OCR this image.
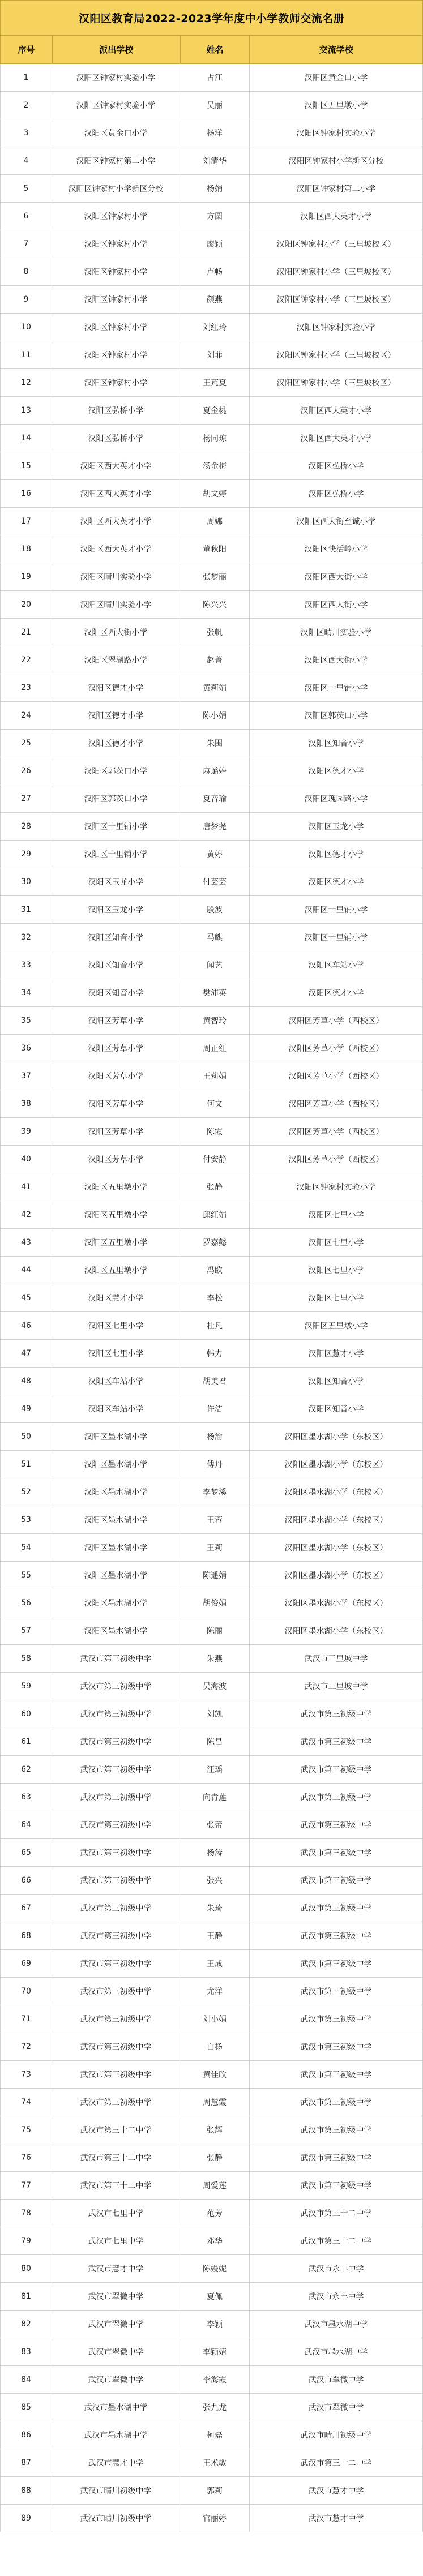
汉阳区教育局2022-2023学年度中小学教师交流名册
序号	派出学校	姓名	交流学校
1	汉阳区钟家村实验小学	占江	汉阳区黄金口小学
2	汉阳区钟家村实验小学	吴丽	汉阳区五里墩小学
3	汉阳区黄金口小学	杨洋	汉阳区钟家村实验小学
4	汉阳区钟家村第二小学	刘清华	汉阳区钟家村小学新区分校
5	汉阳区钟家村小学新区分校	杨娟	汉阳区钟家村第二小学
6	汉阳区钟家村小学	方圆	汉阳区西大英才小学
7	汉阳区钟家村小学	廖颖	汉阳区钟家村小学（三里坡校区）
8	汉阳区钟家村小学	卢畅	汉阳区钟家村小学（三里坡校区）
9	汉阳区钟家村小学	颜燕	汉阳区钟家村小学（三里坡校区）
10	汉阳区钟家村小学	刘红玲	汉阳区钟家村实验小学
11	汉阳区钟家村小学	刘菲	汉阳区钟家村小学（三里坡校区）
12	汉阳区钟家村小学	王芃夏	汉阳区钟家村小学（三里坡校区）
13	汉阳区弘桥小学	夏金桃	汉阳区西大英才小学
14	汉阳区弘桥小学	杨同琼	汉阳区西大英才小学
15	汉阳区西大英才小学	汤金梅	汉阳区弘桥小学
16	汉阳区西大英才小学	胡文婷	汉阳区弘桥小学
17	汉阳区西大英才小学	周娜	汉阳区西大街至诚小学
18	汉阳区西大英才小学	董秋阳	汉阳区快活岭小学
19	汉阳区晴川实验小学	张梦丽	汉阳区西大街小学
20	汉阳区晴川实验小学	陈兴兴	汉阳区西大街小学
21	汉阳区西大街小学	张帆	汉阳区晴川实验小学
22	汉阳区翠湖路小学	赵菁	汉阳区西大街小学
23	汉阳区德才小学	黄莉娟	汉阳区十里铺小学
24	汉阳区德才小学	陈小娟	汉阳区郭茨口小学
25	汉阳区德才小学	朱围	汉阳区知音小学
26	汉阳区郭茨口小学	麻璐婷	汉阳区德才小学
27	汉阳区郭茨口小学	夏音瑜	汉阳区瑰园路小学
28	汉阳区十里铺小学	唐梦尧	汉阳区玉龙小学
29	汉阳区十里铺小学	黄婷	汉阳区德才小学
30	汉阳区玉龙小学	付芸芸	汉阳区德才小学
31	汉阳区玉龙小学	殷波	汉阳区十里铺小学
32	汉阳区知音小学	马麒	汉阳区十里铺小学
33	汉阳区知音小学	闻艺	汉阳区车站小学
34	汉阳区知音小学	樊沛英	汉阳区德才小学
35	汉阳区芳草小学	黄智玲	汉阳区芳草小学（西校区）
36	汉阳区芳草小学	周正红	汉阳区芳草小学（西校区）
37	汉阳区芳草小学	王莉娟	汉阳区芳草小学（西校区）
38	汉阳区芳草小学	何文	汉阳区芳草小学（西校区）
39	汉阳区芳草小学	陈霞	汉阳区芳草小学（西校区）
40	汉阳区芳草小学	付安静	汉阳区芳草小学（西校区）
41	汉阳区五里墩小学	张静	汉阳区钟家村实验小学
42	汉阳区五里墩小学	邱红娟	汉阳区七里小学
43	汉阳区五里墩小学	罗嘉懿	汉阳区七里小学
44	汉阳区五里墩小学	冯欧	汉阳区七里小学
45	汉阳区慧才小学	李松	汉阳区七里小学
46	汉阳区七里小学	杜凡	汉阳区五里墩小学
47	汉阳区七里小学	韩力	汉阳区慧才小学
48	汉阳区车站小学	胡美君	汉阳区知音小学
49	汉阳区车站小学	许洁	汉阳区知音小学
50	汉阳区墨水湖小学	杨渝	汉阳区墨水湖小学（东校区）
51	汉阳区墨水湖小学	傅丹	汉阳区墨水湖小学（东校区）
52	汉阳区墨水湖小学	李梦溪	汉阳区墨水湖小学（东校区）
53	汉阳区墨水湖小学	王蓉	汉阳区墨水湖小学（东校区）
54	汉阳区墨水湖小学	王莉	汉阳区墨水湖小学（东校区）
55	汉阳区墨水湖小学	陈遥娟	汉阳区墨水湖小学（东校区）
56	汉阳区墨水湖小学	胡俊娟	汉阳区墨水湖小学（东校区）
57	汉阳区墨水湖小学	陈丽	汉阳区墨水湖小学（东校区）
58	武汉市第三初级中学	朱燕	武汉市三里坡中学
59	武汉市第三初级中学	吴海波	武汉市三里坡中学
60	武汉市第三初级中学	刘凯	武汉市第三初级中学
61	武汉市第三初级中学	陈昌	武汉市第三初级中学
62	武汉市第三初级中学	汪瑶	武汉市第三初级中学
63	武汉市第三初级中学	向青莲	武汉市第三初级中学
64	武汉市第三初级中学	张蕾	武汉市第三初级中学
65	武汉市第三初级中学	杨涛	武汉市第三初级中学
66	武汉市第三初级中学	张兴	武汉市第三初级中学
67	武汉市第三初级中学	朱琦	武汉市第三初级中学
68	武汉市第三初级中学	王静	武汉市第三初级中学
69	武汉市第三初级中学	王成	武汉市第三初级中学
70	武汉市第三初级中学	尤洋	武汉市第三初级中学
71	武汉市第三初级中学	刘小娟	武汉市第三初级中学
72	武汉市第三初级中学	白杨	武汉市第三初级中学
73	武汉市第三初级中学	黄佳欣	武汉市第三初级中学
74	武汉市第三初级中学	周慧霞	武汉市第三初级中学
75	武汉市第三十二中学	张辉	武汉市第三初级中学
76	武汉市第三十二中学	张静	武汉市第三初级中学
77	武汉市第三十二中学	周爱莲	武汉市第三初级中学
78	武汉市七里中学	范芳	武汉市第三十二中学
79	武汉市七里中学	邓华	武汉市第三十二中学
80	武汉市慧才中学	陈嫚妮	武汉市永丰中学
81	武汉市翠微中学	夏佩	武汉市永丰中学
82	武汉市翠微中学	李颖	武汉市墨水湖中学
83	武汉市翠微中学	李颖婧	武汉市墨水湖中学
84	武汉市翠微中学	李海霞	武汉市翠微中学
85	武汉市墨水湖中学	张九龙	武汉市翠微中学
86	武汉市墨水湖中学	柯磊	武汉市晴川初级中学
87	武汉市慧才中学	王术敏	武汉市第三十二中学
88	武汉市晴川初级中学	郭莉	武汉市慧才中学
89	武汉市晴川初级中学	官丽婷	武汉市慧才中学
